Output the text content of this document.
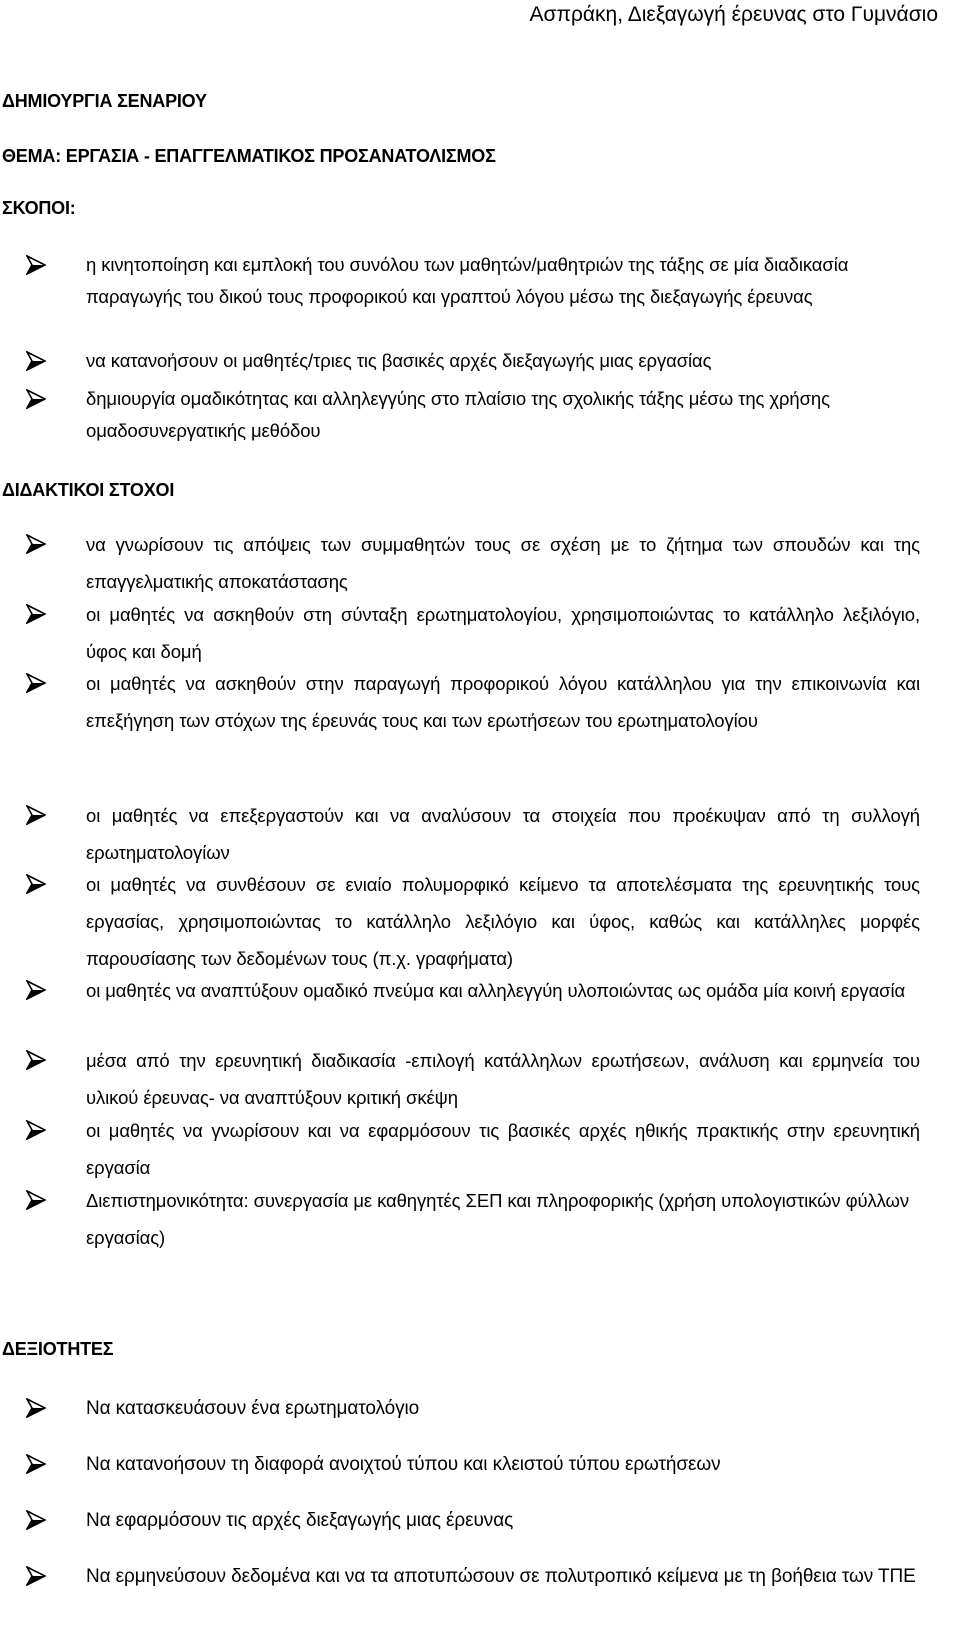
Ασπράκη, Διεξαγωγή έρευνας στο Γυμνάσιο
ΔΗΜΙΟΥΡΓΙΑ ΣΕΝΑΡΙΟΥ
ΘΕΜΑ: ΕΡΓΑΣΙΑ - ΕΠΑΓΓΕΛΜΑΤΙΚΟΣ ΠΡΟΣΑΝΑΤΟΛΙΣΜΟΣ
ΣΚΟΠΟΙ:
η κινητοποίηση και εμπλοκή του συνόλου των μαθητών/μαθητριών της τάξης σε μία διαδικασία παραγωγής του δικού τους προφορικού και γραπτού λόγου μέσω της διεξαγωγής έρευνας
να κατανοήσουν οι μαθητές/τριες τις βασικές αρχές διεξαγωγής μιας εργασίας
δημιουργία ομαδικότητας και αλληλεγγύης στο πλαίσιο της σχολικής τάξης μέσω της χρήσης ομαδοσυνεργατικής μεθόδου
ΔΙΔΑΚΤΙΚΟΙ ΣΤΟΧΟΙ
να γνωρίσουν τις απόψεις των συμμαθητών τους σε σχέση με το ζήτημα των σπουδών και της επαγγελματικής αποκατάστασης
οι μαθητές να ασκηθούν στη σύνταξη ερωτηματολογίου, χρησιμοποιώντας το κατάλληλο λεξιλόγιο, ύφος και δομή
οι μαθητές να ασκηθούν στην παραγωγή προφορικού λόγου κατάλληλου για την επικοινωνία και επεξήγηση των στόχων της έρευνάς τους και των ερωτήσεων του ερωτηματολογίου
οι μαθητές να επεξεργαστούν και να αναλύσουν τα στοιχεία που προέκυψαν από τη συλλογή ερωτηματολογίων
οι μαθητές να συνθέσουν σε ενιαίο πολυμορφικό κείμενο τα αποτελέσματα της ερευνητικής τους εργασίας, χρησιμοποιώντας το κατάλληλο λεξιλόγιο και ύφος, καθώς και κατάλληλες μορφές παρουσίασης των δεδομένων τους (π.χ. γραφήματα)
οι μαθητές να αναπτύξουν ομαδικό πνεύμα και αλληλεγγύη υλοποιώντας ως ομάδα μία κοινή εργασία
μέσα από την ερευνητική διαδικασία -επιλογή κατάλληλων ερωτήσεων, ανάλυση και ερμηνεία του υλικού έρευνας- να αναπτύξουν κριτική σκέψη
οι μαθητές να γνωρίσουν και να εφαρμόσουν τις βασικές αρχές ηθικής πρακτικής στην ερευνητική εργασία
Διεπιστημονικότητα: συνεργασία με καθηγητές ΣΕΠ και πληροφορικής (χρήση υπολογιστικών φύλλων εργασίας)
ΔΕΞΙΟΤΗΤΕΣ
Να κατασκευάσουν ένα ερωτηματολόγιο
Να κατανοήσουν τη διαφορά ανοιχτού τύπου και κλειστού τύπου ερωτήσεων
Να εφαρμόσουν τις αρχές διεξαγωγής μιας έρευνας
Να ερμηνεύσουν δεδομένα και να τα αποτυπώσουν σε πολυτροπικό κείμενα με τη βοήθεια των ΤΠΕ
